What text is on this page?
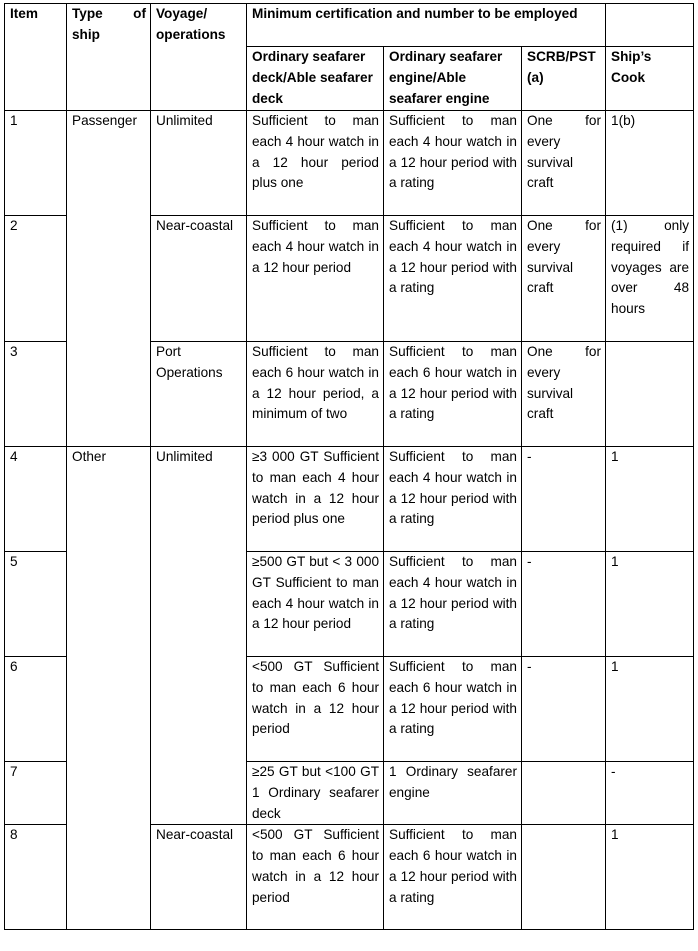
Item	Type of ship	Voyage/ operations	Minimum certification and number to be employed			
			Ordinary seafarer deck/Able seafarer deck	Ordinary seafarer engine/Able seafarer engine	SCRB/PST (a)	Ship’s Cook
1	Passenger	Unlimited	Sufficient to man each 4 hour watch in a 12 hour period plus one	Sufficient to man each 4 hour watch in a 12 hour period with a rating	One for every survival craft	1(b)
2		Near-coastal	Sufficient to man each 4 hour watch in a 12 hour period	Sufficient to man each 4 hour watch in a 12 hour period with a rating	One for every survival craft	(1) only required if voyages are over 48 hours
3		Port Operations	Sufficient to man each 6 hour watch in a 12 hour period, a minimum of two	Sufficient to man each 6 hour watch in a 12 hour period with a rating	One for every survival craft	
4	Other	Unlimited	≥3 000 GT Sufficient to man each 4 hour watch in a 12 hour period plus one	Sufficient to man each 4 hour watch in a 12 hour period with a rating	-	1
5			≥500 GT but < 3 000 GT Sufficient to man each 4 hour watch in a 12 hour period	Sufficient to man each 4 hour watch in a 12 hour period with a rating	-	1
6			<500 GT Sufficient to man each 6 hour watch in a 12 hour period	Sufficient to man each 6 hour watch in a 12 hour period with a rating	-	1
7			≥25 GT but <100 GT 1 Ordinary seafarer deck	1 Ordinary seafarer engine		-
8		Near-coastal	<500 GT Sufficient to man each 6 hour watch in a 12 hour period	Sufficient to man each 6 hour watch in a 12 hour period with a rating		1
